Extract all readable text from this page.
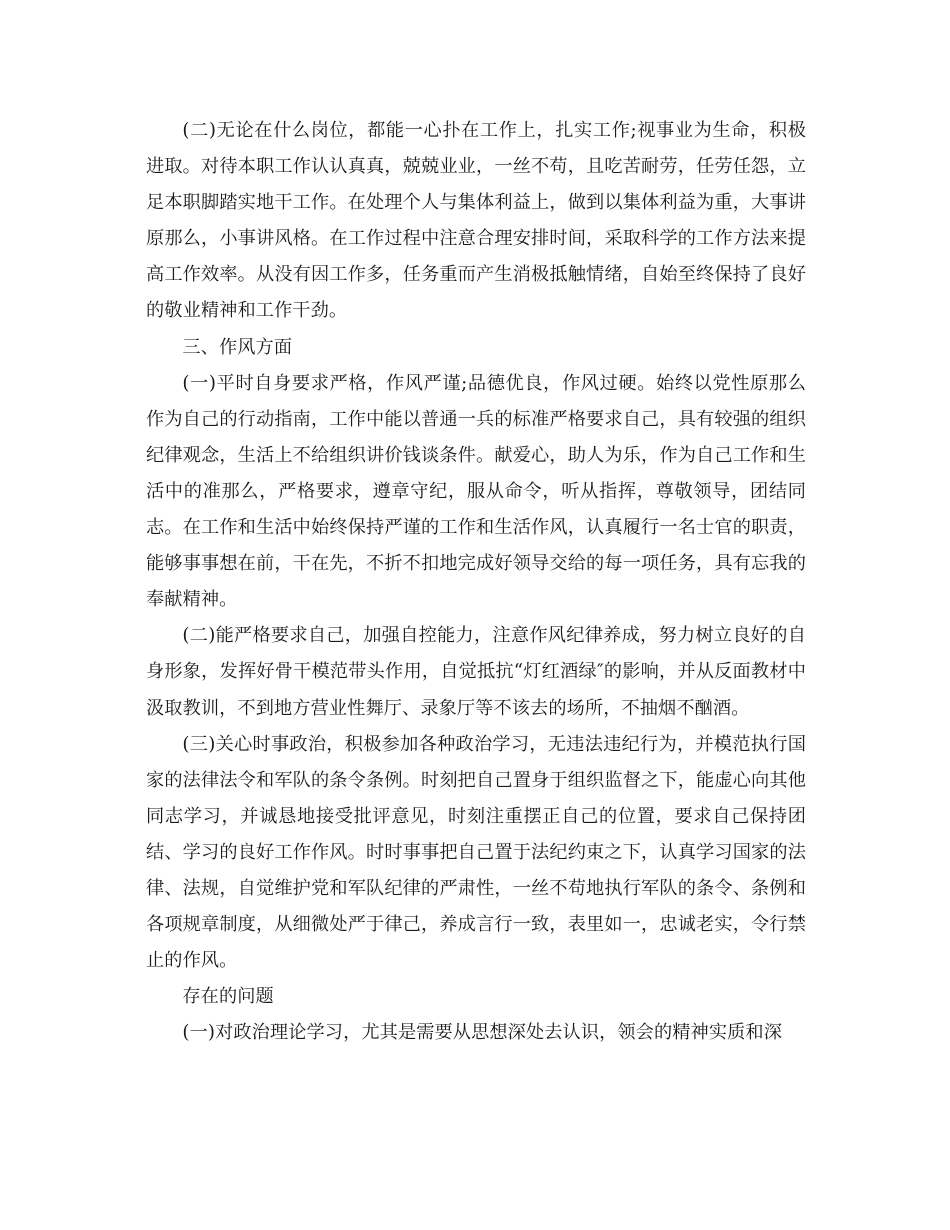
(二)无论在什么岗位，都能一心扑在工作上，扎实工作;视事业为生命，积极进取。对待本职工作认认真真，兢兢业业，一丝不苟，且吃苦耐劳，任劳任怨，立足本职脚踏实地干工作。在处理个人与集体利益上，做到以集体利益为重，大事讲原那么，小事讲风格。在工作过程中注意合理安排时间，采取科学的工作方法来提高工作效率。从没有因工作多，任务重而产生消极抵触情绪，自始至终保持了良好的敬业精神和工作干劲。

三、作风方面

(一)平时自身要求严格，作风严谨;品德优良，作风过硬。始终以党性原那么作为自己的行动指南，工作中能以普通一兵的标准严格要求自己，具有较强的组织纪律观念，生活上不给组织讲价钱谈条件。献爱心，助人为乐，作为自己工作和生活中的准那么，严格要求，遵章守纪，服从命令，听从指挥，尊敬领导，团结同志。在工作和生活中始终保持严谨的工作和生活作风，认真履行一名士官的职责，能够事事想在前，干在先，不折不扣地完成好领导交给的每一项任务，具有忘我的奉献精神。

(二)能严格要求自己，加强自控能力，注意作风纪律养成，努力树立良好的自身形象，发挥好骨干模范带头作用，自觉抵抗“灯红酒绿″的影响，并从反面教材中汲取教训，不到地方营业性舞厅、录象厅等不该去的场所，不抽烟不酗酒。

(三)关心时事政治，积极参加各种政治学习，无违法违纪行为，并模范执行国家的法律法令和军队的条令条例。时刻把自己置身于组织监督之下，能虚心向其他同志学习，并诚恳地接受批评意见，时刻注重摆正自己的位置，要求自己保持团结、学习的良好工作作风。时时事事把自己置于法纪约束之下，认真学习国家的法律、法规，自觉维护党和军队纪律的严肃性，一丝不苟地执行军队的条令、条例和各项规章制度，从细微处严于律己，养成言行一致，表里如一，忠诚老实，令行禁止的作风。

存在的问题

(一)对政治理论学习，尤其是需要从思想深处去认识，领会的精神实质和深
